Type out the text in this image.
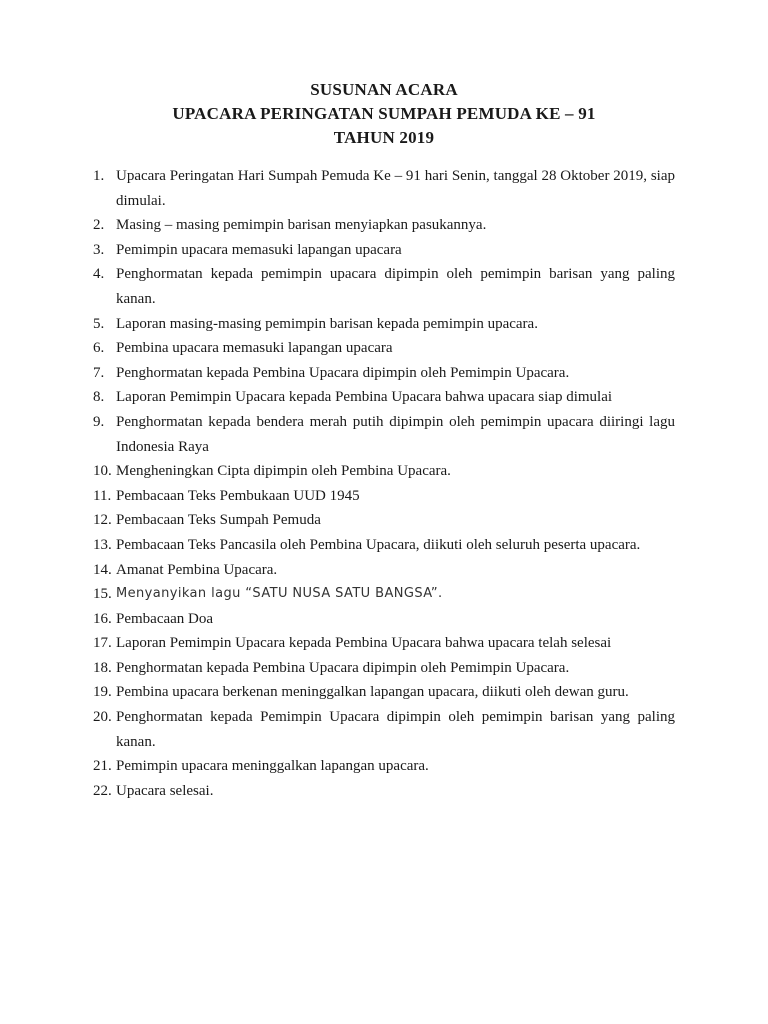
SUSUNAN ACARA
UPACARA PERINGATAN SUMPAH PEMUDA KE – 91
TAHUN 2019
1. Upacara Peringatan Hari Sumpah Pemuda Ke – 91 hari Senin, tanggal 28 Oktober 2019, siap dimulai.
2. Masing – masing pemimpin barisan menyiapkan pasukannya.
3. Pemimpin upacara memasuki lapangan upacara
4. Penghormatan kepada pemimpin upacara dipimpin oleh pemimpin barisan yang paling kanan.
5. Laporan masing-masing pemimpin barisan kepada pemimpin upacara.
6. Pembina upacara memasuki lapangan upacara
7. Penghormatan kepada Pembina Upacara dipimpin oleh Pemimpin Upacara.
8. Laporan Pemimpin Upacara kepada Pembina Upacara bahwa upacara siap dimulai
9. Penghormatan kepada bendera merah putih dipimpin oleh pemimpin upacara diiringi lagu Indonesia Raya
10. Mengheningkan Cipta dipimpin oleh Pembina Upacara.
11. Pembacaan Teks Pembukaan UUD 1945
12. Pembacaan Teks Sumpah Pemuda
13. Pembacaan Teks Pancasila oleh Pembina Upacara, diikuti oleh seluruh peserta upacara.
14. Amanat Pembina Upacara.
15. Menyanyikan lagu “SATU NUSA SATU BANGSA”.
16. Pembacaan Doa
17. Laporan Pemimpin Upacara kepada Pembina Upacara bahwa upacara telah selesai
18. Penghormatan kepada Pembina Upacara dipimpin oleh Pemimpin Upacara.
19. Pembina upacara berkenan meninggalkan lapangan upacara, diikuti oleh dewan guru.
20. Penghormatan kepada Pemimpin Upacara dipimpin oleh pemimpin barisan yang paling kanan.
21. Pemimpin upacara meninggalkan lapangan upacara.
22. Upacara selesai.
